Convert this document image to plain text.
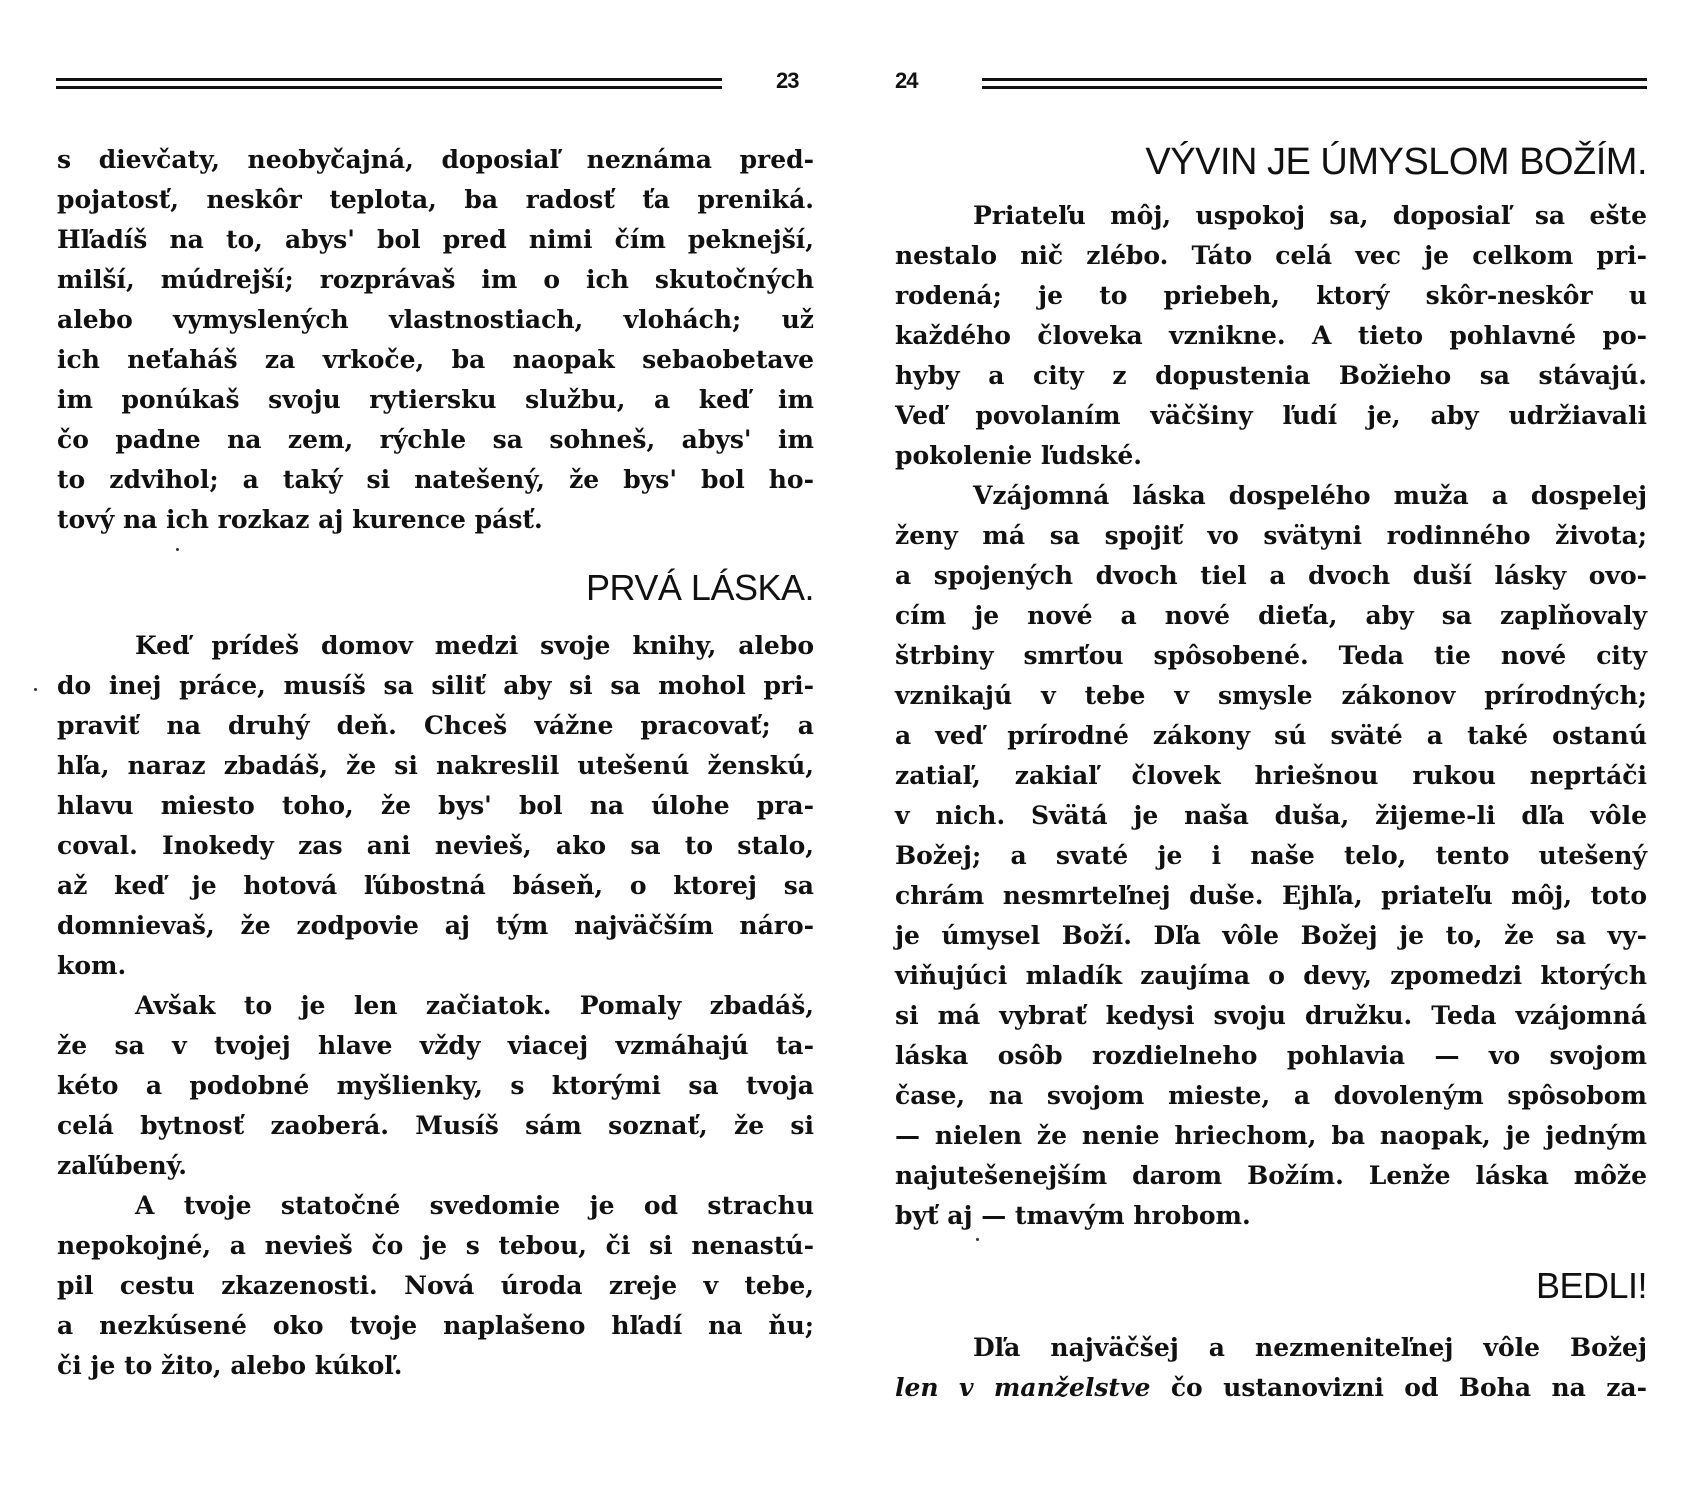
23
s dievčaty, neobyčajná, doposiaľ neznáma pred-
pojatosť, neskôr teplota, ba radosť ťa preniká.
Hľadíš na to, abys' bol pred nimi čím peknejší,
milší, múdrejší; rozprávaš im o ich skutočných
alebo vymyslených vlastnostiach, vlohách; už
ich neťaháš za vrkoče, ba naopak sebaobetave
im ponúkaš svoju rytiersku službu, a keď im
čo padne na zem, rýchle sa sohneš, abys' im
to zdvihol; a taký si natešený, že bys' bol ho-
tový na ich rozkaz aj kurence pásť.
PRVÁ LÁSKA.
Keď prídeš domov medzi svoje knihy, alebo
do inej práce, musíš sa siliť aby si sa mohol pri-
praviť na druhý deň. Chceš vážne pracovať; a
hľa, naraz zbadáš, že si nakreslil utešenú ženskú,
hlavu miesto toho, že bys' bol na úlohe pra-
coval. Inokedy zas ani nevieš, ako sa to stalo,
až keď je hotová ľúbostná báseň, o ktorej sa
domnievaš, že zodpovie aj tým najväčším náro-
kom.
Avšak to je len začiatok. Pomaly zbadáš,
že sa v tvojej hlave vždy viacej vzmáhajú ta-
kéto a podobné myšlienky, s ktorými sa tvoja
celá bytnosť zaoberá. Musíš sám soznať, že si
zaľúbený.
A tvoje statočné svedomie je od strachu
nepokojné, a nevieš čo je s tebou, či si nenastú-
pil cestu zkazenosti. Nová úroda zreje v tebe,
a nezkúsené oko tvoje naplašeno hľadí na ňu;
či je to žito, alebo kúkoľ.
24
VÝVIN JE ÚMYSLOM BOŽÍM.
Priateľu môj, uspokoj sa, doposiaľ sa ešte
nestalo nič zlébo. Táto celá vec je celkom pri-
rodená; je to priebeh, ktorý skôr-neskôr u
každého človeka vznikne. A tieto pohlavné po-
hyby a city z dopustenia Božieho sa stávajú.
Veď povolaním väčšiny ľudí je, aby udržiavali
pokolenie ľudské.
Vzájomná láska dospelého muža a dospelej
ženy má sa spojiť vo svätyni rodinného života;
a spojených dvoch tiel a dvoch duší lásky ovo-
cím je nové a nové dieťa, aby sa zaplňovaly
štrbiny smrťou spôsobené. Teda tie nové city
vznikajú v tebe v smysle zákonov prírodných;
a veď prírodné zákony sú sväté a také ostanú
zatiaľ, zakiaľ človek hriešnou rukou neprtáči
v nich. Svätá je naša duša, žijeme-li dľa vôle
Božej; a svaté je i naše telo, tento utešený
chrám nesmrteľnej duše. Ejhľa, priateľu môj, toto
je úmysel Boží. Dľa vôle Božej je to, že sa vy-
viňujúci mladík zaujíma o devy, zpomedzi ktorých
si má vybrať kedysi svoju družku. Teda vzájomná
láska osôb rozdielneho pohlavia — vo svojom
čase, na svojom mieste, a dovoleným spôsobom
— nielen že nenie hriechom, ba naopak, je jedným
najutešenejším darom Božím. Lenže láska môže
byť aj — tmavým hrobom.
BEDLI!
Dľa najväčšej a nezmeniteľnej vôle Božej
len v manželstve čo ustanovizni od Boha na za-
